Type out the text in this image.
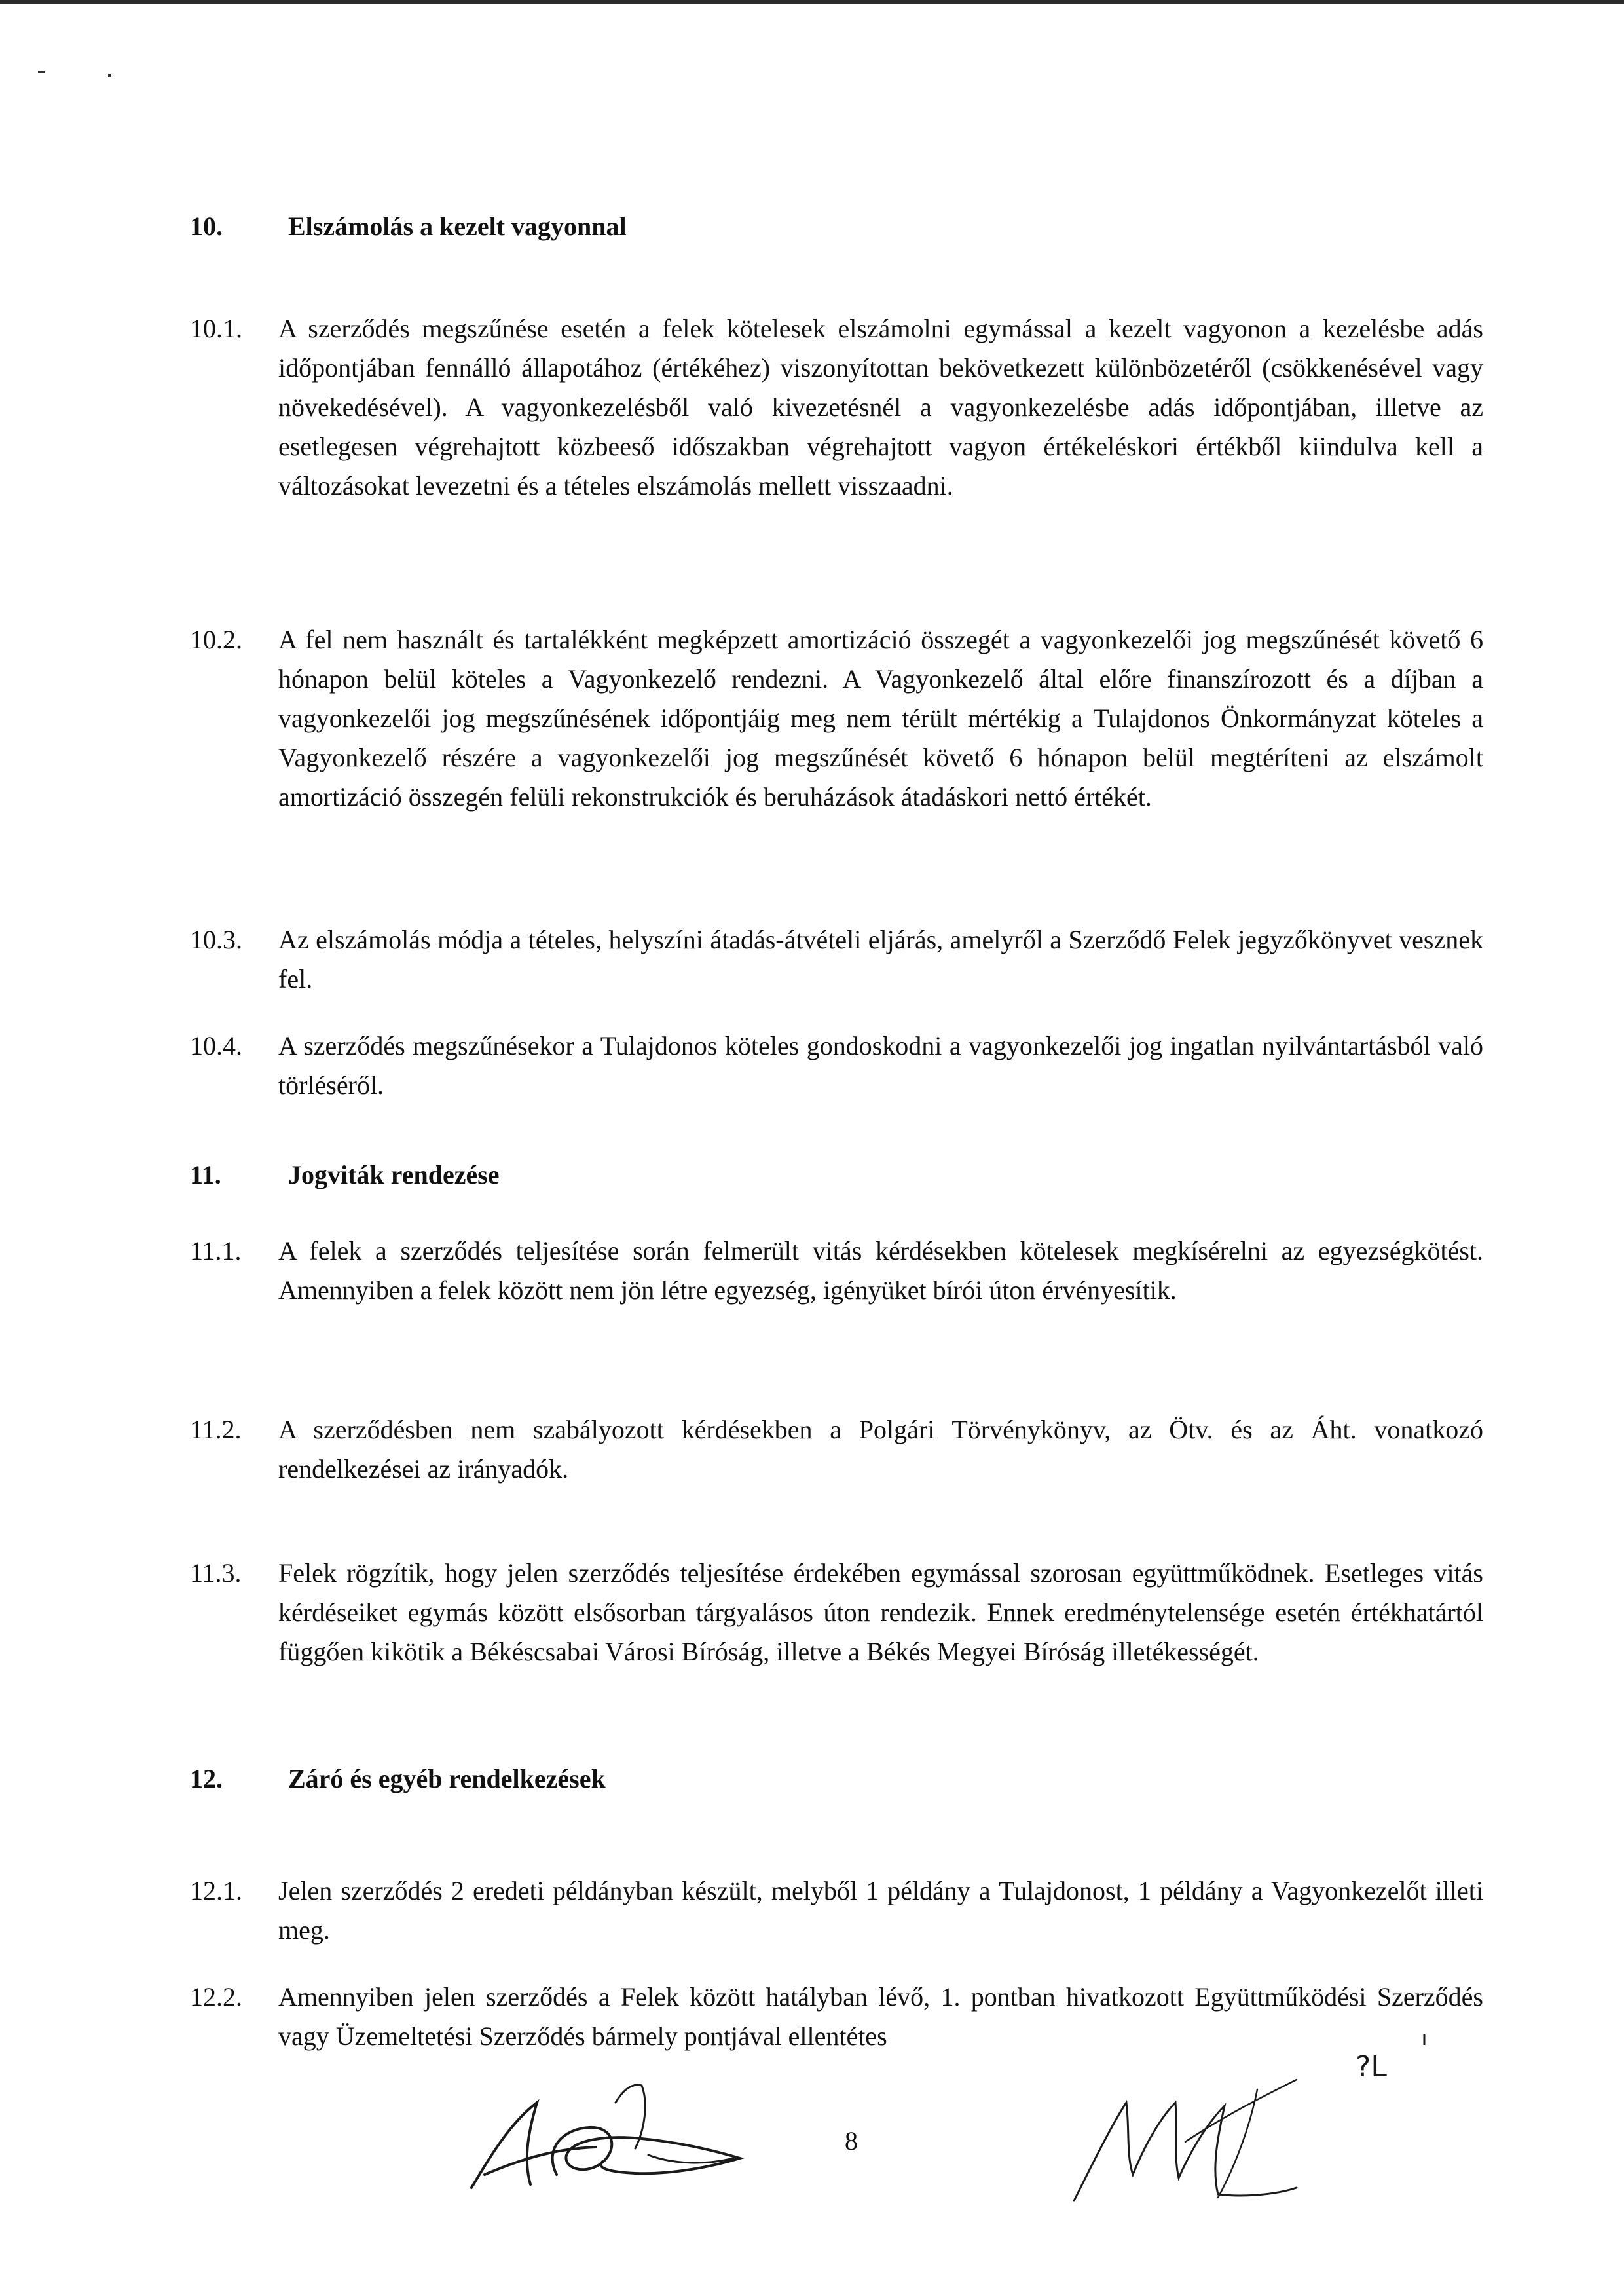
10.	Elszámolás a kezelt vagyonnal
10.1. A szerződés megszűnése esetén a felek kötelesek elszámolni egymással a kezelt vagyonon a kezelésbe adás időpontjában fennálló állapotához (értékéhez) viszonyítottan bekövetkezett különbözetéről (csökkenésével vagy növekedésével). A vagyonkezelésből való kivezetésnél a vagyonkezelésbe adás időpontjában, illetve az esetlegesen végrehajtott közbeeső időszakban végrehajtott vagyon értékeléskori értékből kiindulva kell a változásokat levezetni és a tételes elszámolás mellett visszaadni.
10.2. A fel nem használt és tartalékként megképzett amortizáció összegét a vagyonkezelői jog megszűnését követő 6 hónapon belül köteles a Vagyonkezelő rendezni. A Vagyonkezelő által előre finanszírozott és a díjban a vagyonkezelői jog megszűnésének időpontjáig meg nem térült mértékig a Tulajdonos Önkormányzat köteles a Vagyonkezelő részére a vagyonkezelői jog megszűnését követő 6 hónapon belül megtéríteni az elszámolt amortizáció összegén felüli rekonstrukciók és beruházások átadáskori nettó értékét.
10.3. Az elszámolás módja a tételes, helyszíni átadás-átvételi eljárás, amelyről a Szerződő Felek jegyzőkönyvet vesznek fel.
10.4. A szerződés megszűnésekor a Tulajdonos köteles gondoskodni a vagyonkezelői jog ingatlan nyilvántartásból való törléséről.
11.	Jogviták rendezése
11.1. A felek a szerződés teljesítése során felmerült vitás kérdésekben kötelesek megkísérelni az egyezségkötést. Amennyiben a felek között nem jön létre egyezség, igényüket bírói úton érvényesítik.
11.2. A szerződésben nem szabályozott kérdésekben a Polgári Törvénykönyv, az Ötv. és az Áht. vonatkozó rendelkezései az irányadók.
11.3. Felek rögzítik, hogy jelen szerződés teljesítése érdekében egymással szorosan együttműködnek. Esetleges vitás kérdéseiket egymás között elsősorban tárgyalásos úton rendezik. Ennek eredménytelensége esetén értékhatártól függően kikötik a Békéscsabai Városi Bíróság, illetve a Békés Megyei Bíróság illetékességét.
12.	Záró és egyéb rendelkezések
12.1. Jelen szerződés 2 eredeti példányban készült, melyből 1 példány a Tulajdonost, 1 példány a Vagyonkezelőt illeti meg.
12.2. Amennyiben jelen szerződés a Felek között hatályban lévő, 1. pontban hivatkozott Együttműködési Szerződés vagy Üzemeltetési Szerződés bármely pontjával ellentétes
8
?L
